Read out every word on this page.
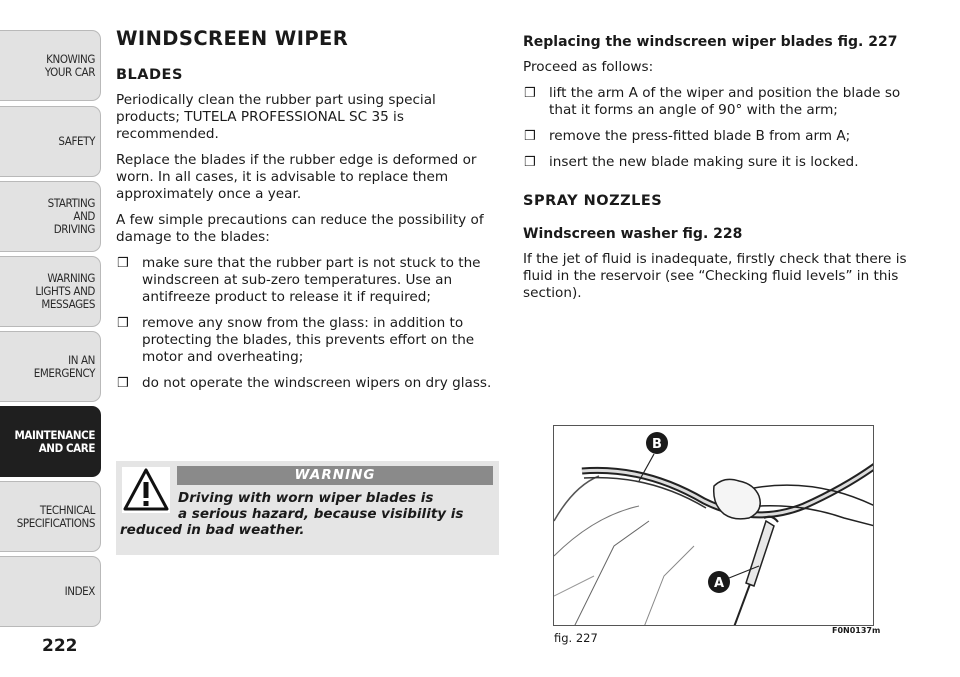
KNOWING
YOUR CAR
SAFETY
STARTING
AND
DRIVING
WARNING
LIGHTS AND
MESSAGES
IN AN
EMERGENCY
MAINTENANCE
AND CARE
TECHNICAL
SPECIFICATIONS
INDEX
222
WINDSCREEN WIPER
BLADES

Periodically clean the rubber part using special products; TUTELA PROFESSIONAL SC 35 is recommended.

Replace the blades if the rubber edge is deformed or worn. In all cases, it is advisable to replace them approximately once a year.

A few simple precautions can reduce the possibility of damage to the blades:

❒ make sure that the rubber part is not stuck to the windscreen at sub-zero temperatures. Use an antifreeze product to release it if required;
❒ remove any snow from the glass: in addition to protecting the blades, this prevents effort on the motor and overheating;
❒ do not operate the windscreen wipers on dry glass.
WARNING
Driving with worn wiper blades is
a serious hazard, because visibility is
reduced in bad weather.
Replacing the windscreen wiper blades fig. 227

Proceed as follows:

❒ lift the arm A of the wiper and position the blade so that it forms an angle of 90° with the arm;
❒ remove the press-fitted blade B from arm A;
❒ insert the new blade making sure it is locked.
SPRAY NOZZLES
Windscreen washer fig. 228

If the jet of fluid is inadequate, firstly check that there is fluid in the reservoir (see “Checking fluid levels” in this section).

B
A
fig. 227
F0N0137m
